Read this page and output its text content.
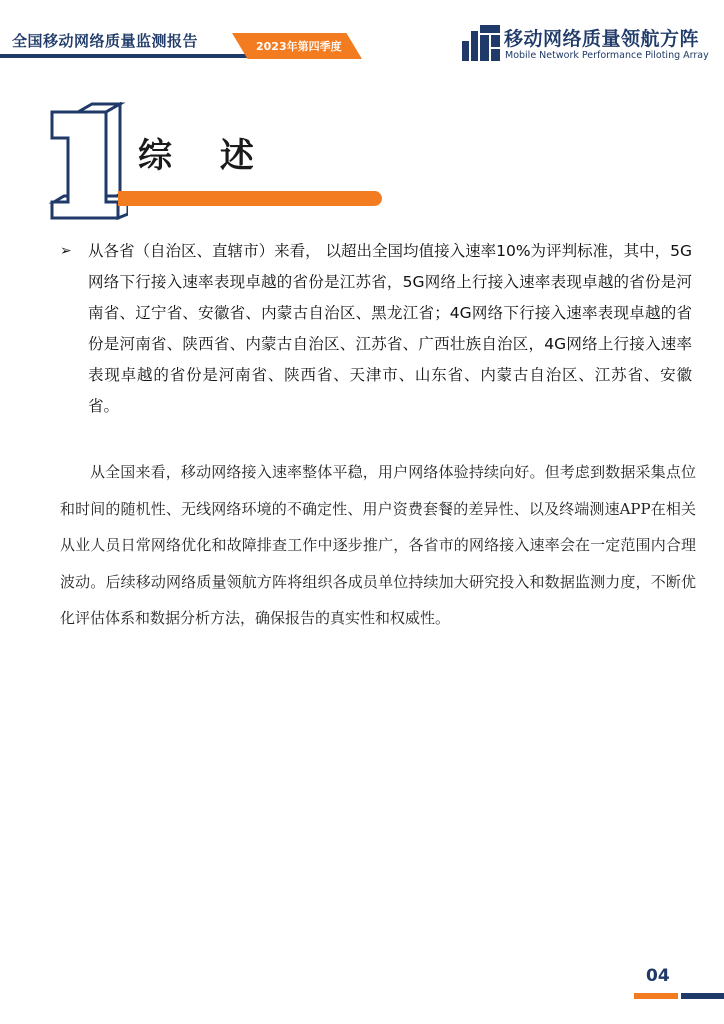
全国移动网络质量监测报告	2023年第四季度	移动网络质量领航方阵
Mobile Network Performance Piloting Array
综 述
➢ 从各省（自治区、直辖市）来看， 以超出全国均值接入速率10%为评判标准，其中，5G网络下行接入速率表现卓越的省份是江苏省，5G网络上行接入速率表现卓越的省份是河南省、辽宁省、安徽省、内蒙古自治区、黑龙江省；4G网络下行接入速率表现卓越的省份是河南省、陕西省、内蒙古自治区、江苏省、广西壮族自治区，4G网络上行接入速率表现卓越的省份是河南省、陕西省、天津市、山东省、内蒙古自治区、江苏省、安徽省。

从全国来看，移动网络接入速率整体平稳，用户网络体验持续向好。但考虑到数据采集点位和时间的随机性、无线网络环境的不确定性、用户资费套餐的差异性、以及终端测速APP在相关从业人员日常网络优化和故障排查工作中逐步推广，各省市的网络接入速率会在一定范围内合理波动。后续移动网络质量领航方阵将组织各成员单位持续加大研究投入和数据监测力度，不断优化评估体系和数据分析方法，确保报告的真实性和权威性。

04
